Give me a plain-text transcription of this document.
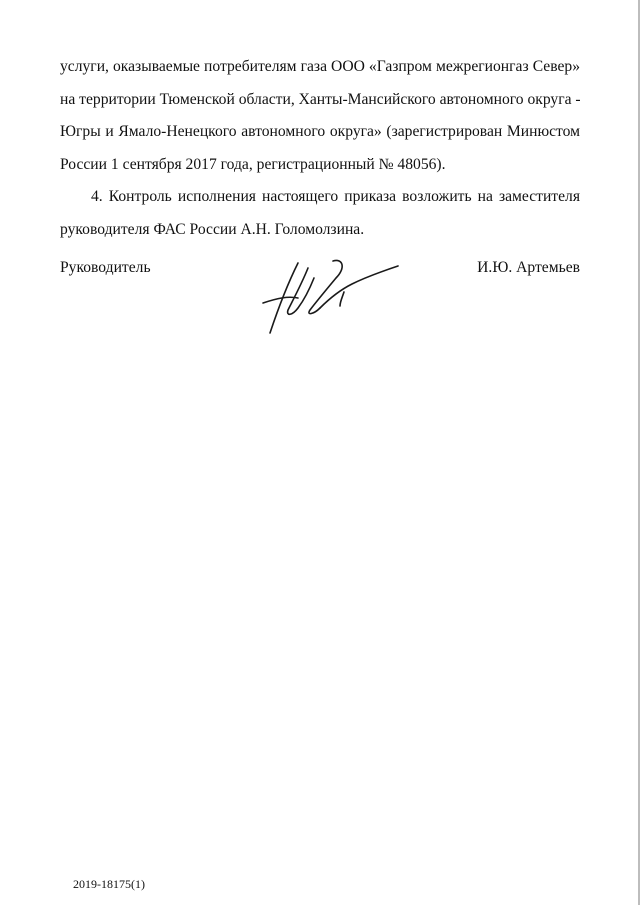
услуги, оказываемые потребителям газа ООО «Газпром межрегионгаз Север»
на территории Тюменской области, Ханты-Мансийского автономного округа -
Югры и Ямало-Ненецкого автономного округа» (зарегистрирован Минюстом
России 1 сентября 2017 года, регистрационный № 48056).
4. Контроль исполнения настоящего приказа возложить на заместителя
руководителя ФАС России А.Н. Голомолзина.
Руководитель	И.Ю. Артемьев
2019-18175(1)
